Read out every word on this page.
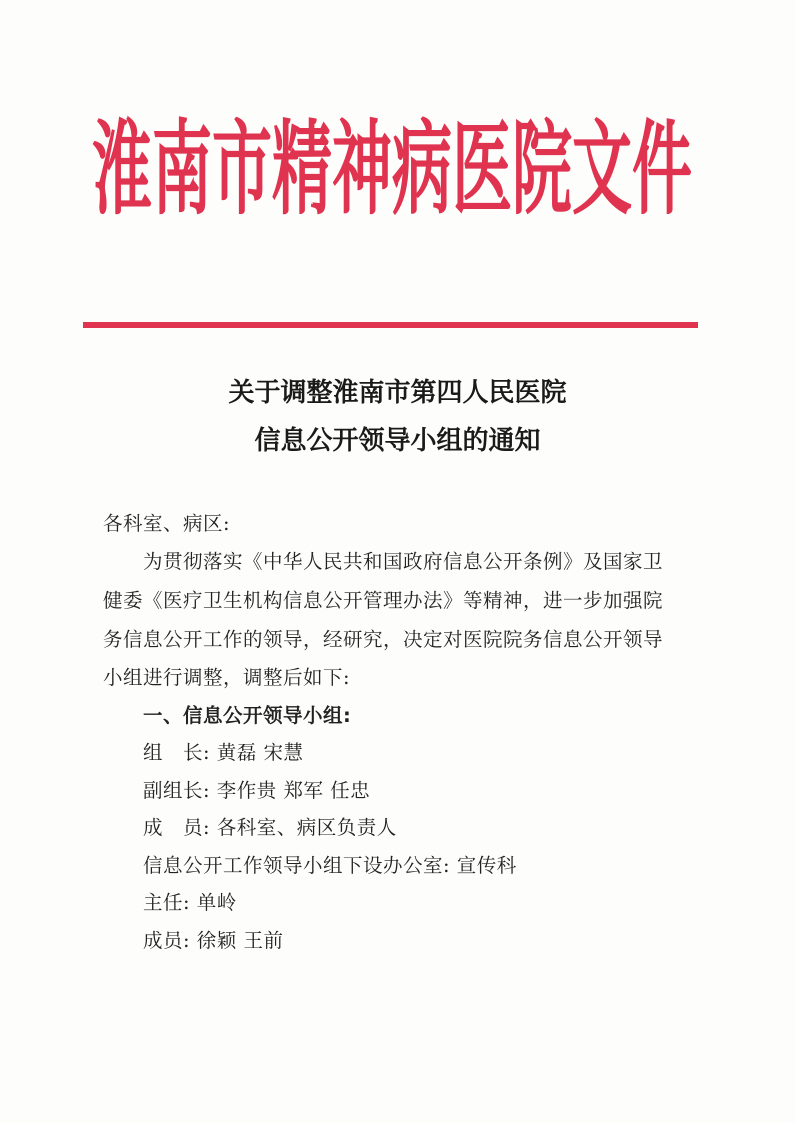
淮南市精神病医院文件
关于调整淮南市第四人民医院
信息公开领导小组的通知
各科室、病区:
为贯彻落实《中华人民共和国政府信息公开条例》及国家卫
健委《医疗卫生机构信息公开管理办法》等精神，进一步加强院
务信息公开工作的领导，经研究，决定对医院院务信息公开领导
小组进行调整，调整后如下:
一、信息公开领导小组:
组　长: 黄磊 宋慧
副组长: 李作贵 郑军 任忠
成　员: 各科室、病区负责人
信息公开工作领导小组下设办公室: 宣传科
主任: 单岭
成员: 徐颖 王前
